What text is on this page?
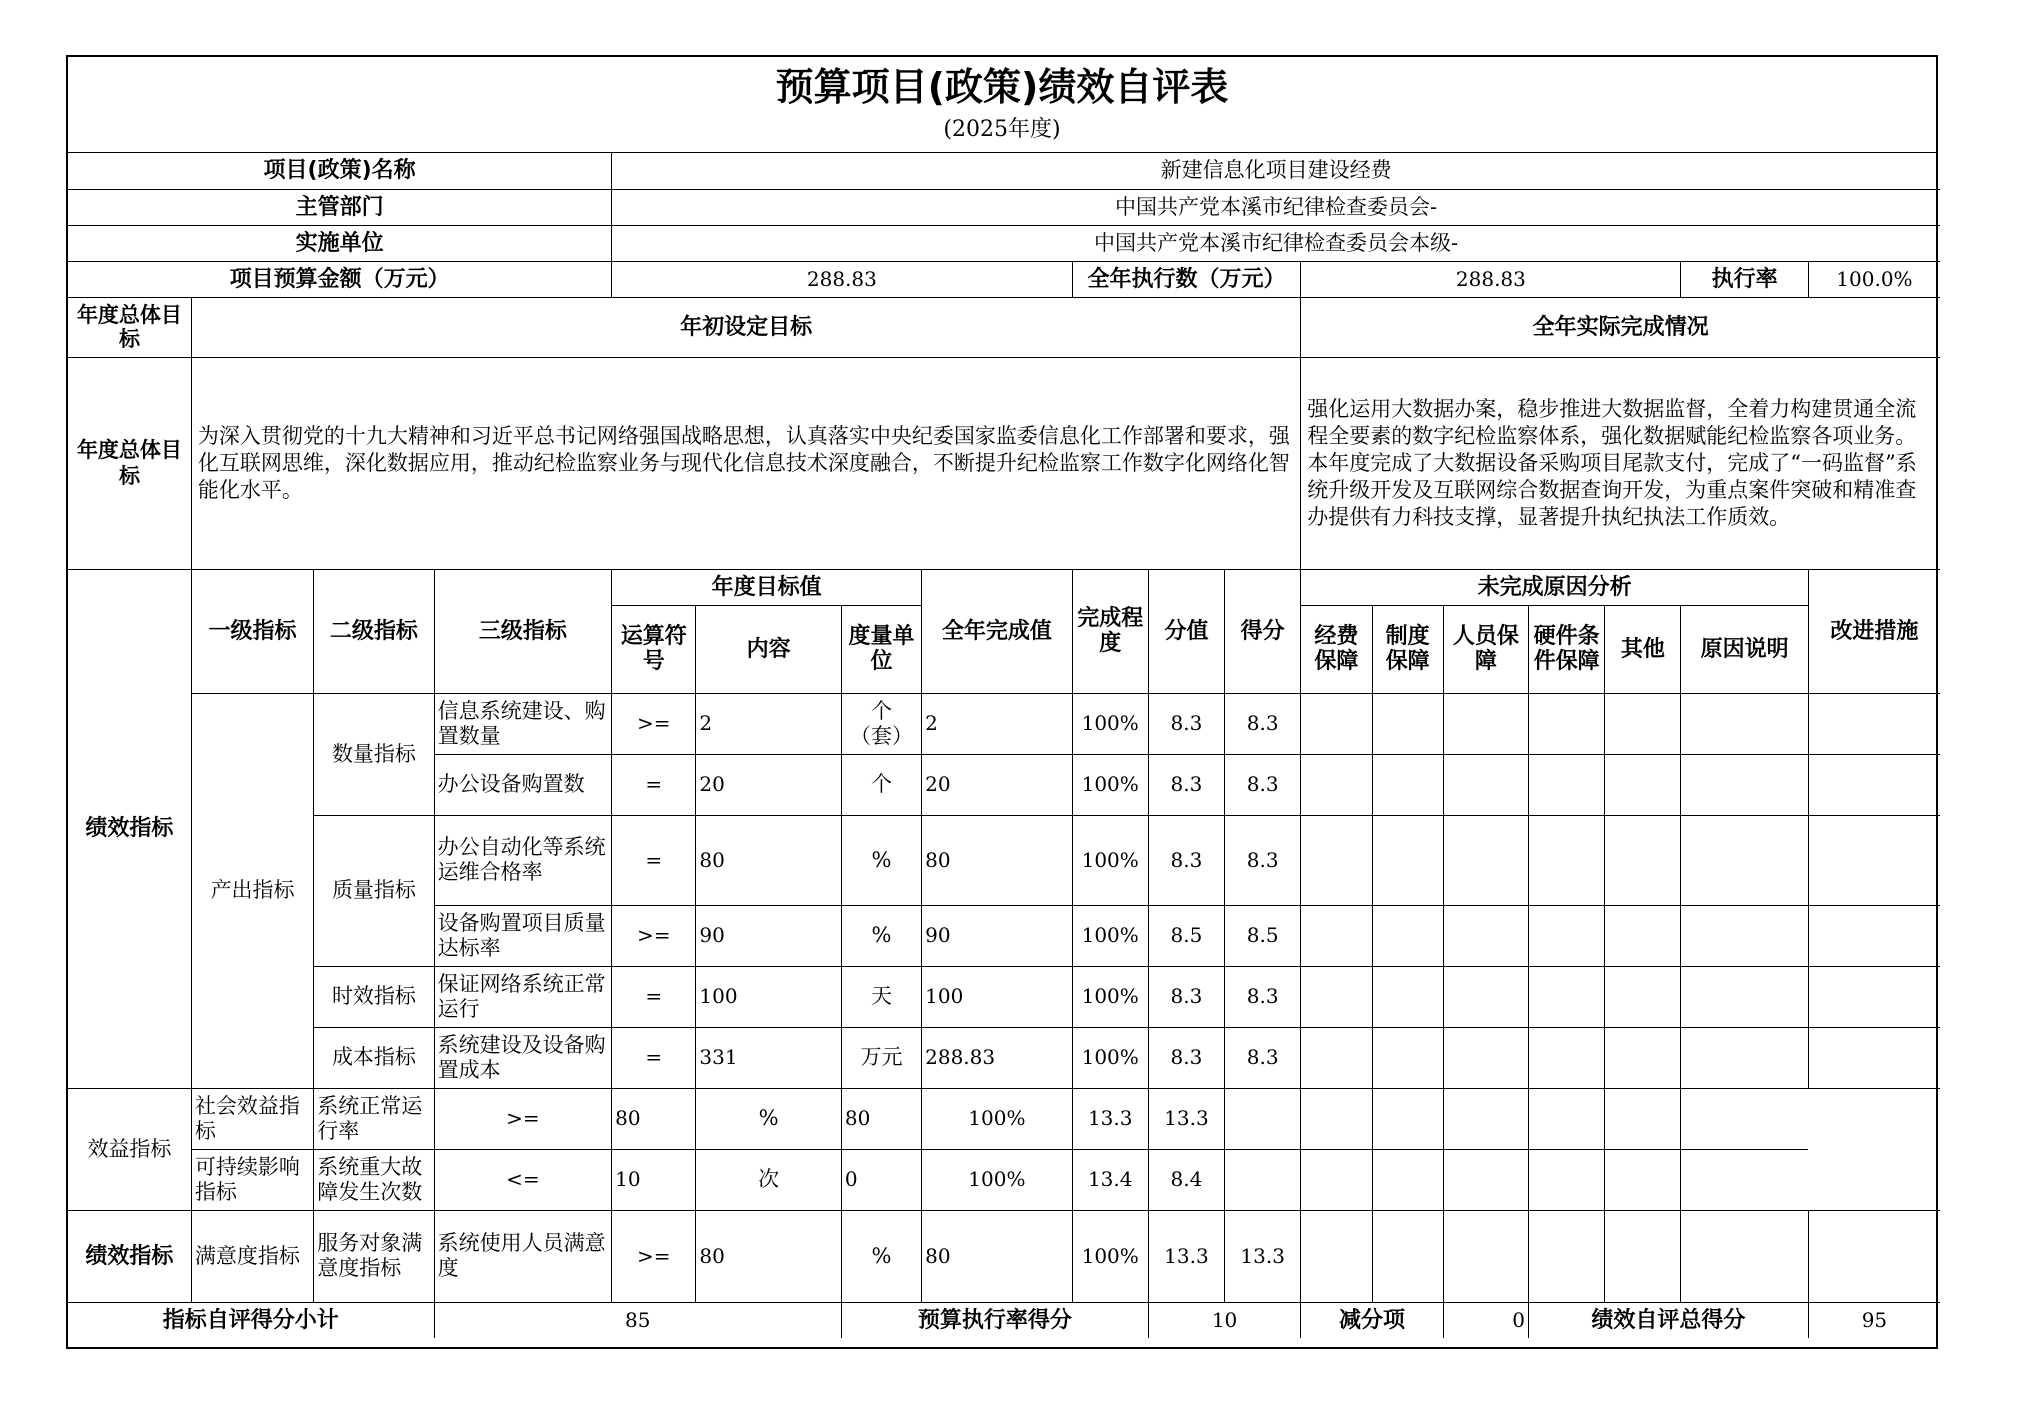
预算项目(政策)绩效自评表
(2025年度)
项目(政策)名称				新建信息化项目建设经费													
主管部门				中国共产党本溪市纪律检查委员会-													
实施单位				中国共产党本溪市纪律检查委员会本级-													
项目预算金额（万元）				288.83				全年执行数（万元）			288.83					执行率	100.0%
年度总体目标	年初设定目标										全年实际完成情况						
年度总体目标	为深入贯彻党的十九大精神和习近平总书记网络强国战略思想，认真落实中央纪委国家监委信息化工作部署和要求，强化互联网思维，深化数据应用，推动纪检监察业务与现代化信息技术深度融合，不断提升纪检监察工作数字化网络化智能化水平。										强化运用大数据办案，稳步推进大数据监督，全着力构建贯通全流程全要素的数字纪检监察体系，强化数据赋能纪检监察各项业务。本年度完成了大数据设备采购项目尾款支付，完成了“一码监督”系统升级开发及互联网综合数据查询开发，为重点案件突破和精准查办提供有力科技支撑，显著提升执纪执法工作质效。						
绩效指标	一级指标	二级指标	三级指标	年度目标值			全年完成值	完成程度	分值	得分	未完成原因分析						改进措施
				运算符号	内容	度量单位					经费保障	制度保障	人员保障	硬件条件保障	其他	原因说明	
	产出指标	数量指标	信息系统建设、购置数量	>=	2	个（套）	2	100%	8.3	8.3							
			办公设备购置数	=	20	个	20	100%	8.3	8.3							
		质量指标	办公自动化等系统运维合格率	=	80	%	80	100%	8.3	8.3							
			设备购置项目质量达标率	>=	90	%	90	100%	8.5	8.5							
		时效指标	保证网络系统正常运行	=	100	天	100	100%	8.3	8.3							
		成本指标	系统建设及设备购置成本	=	331	万元	288.83	100%	8.3	8.3							
效益指标	社会效益指标	系统正常运行率	>=	80	%	80	100%	13.3	13.3								
	可持续影响指标	系统重大故障发生次数	<=	10	次	0	100%	13.4	8.4								
绩效指标	满意度指标	服务对象满意度指标	系统使用人员满意度	>=	80	%	80	100%	13.3	13.3							
指标自评得分小计			85			预算执行率得分			10		减分项		0	绩效自评总得分			95
